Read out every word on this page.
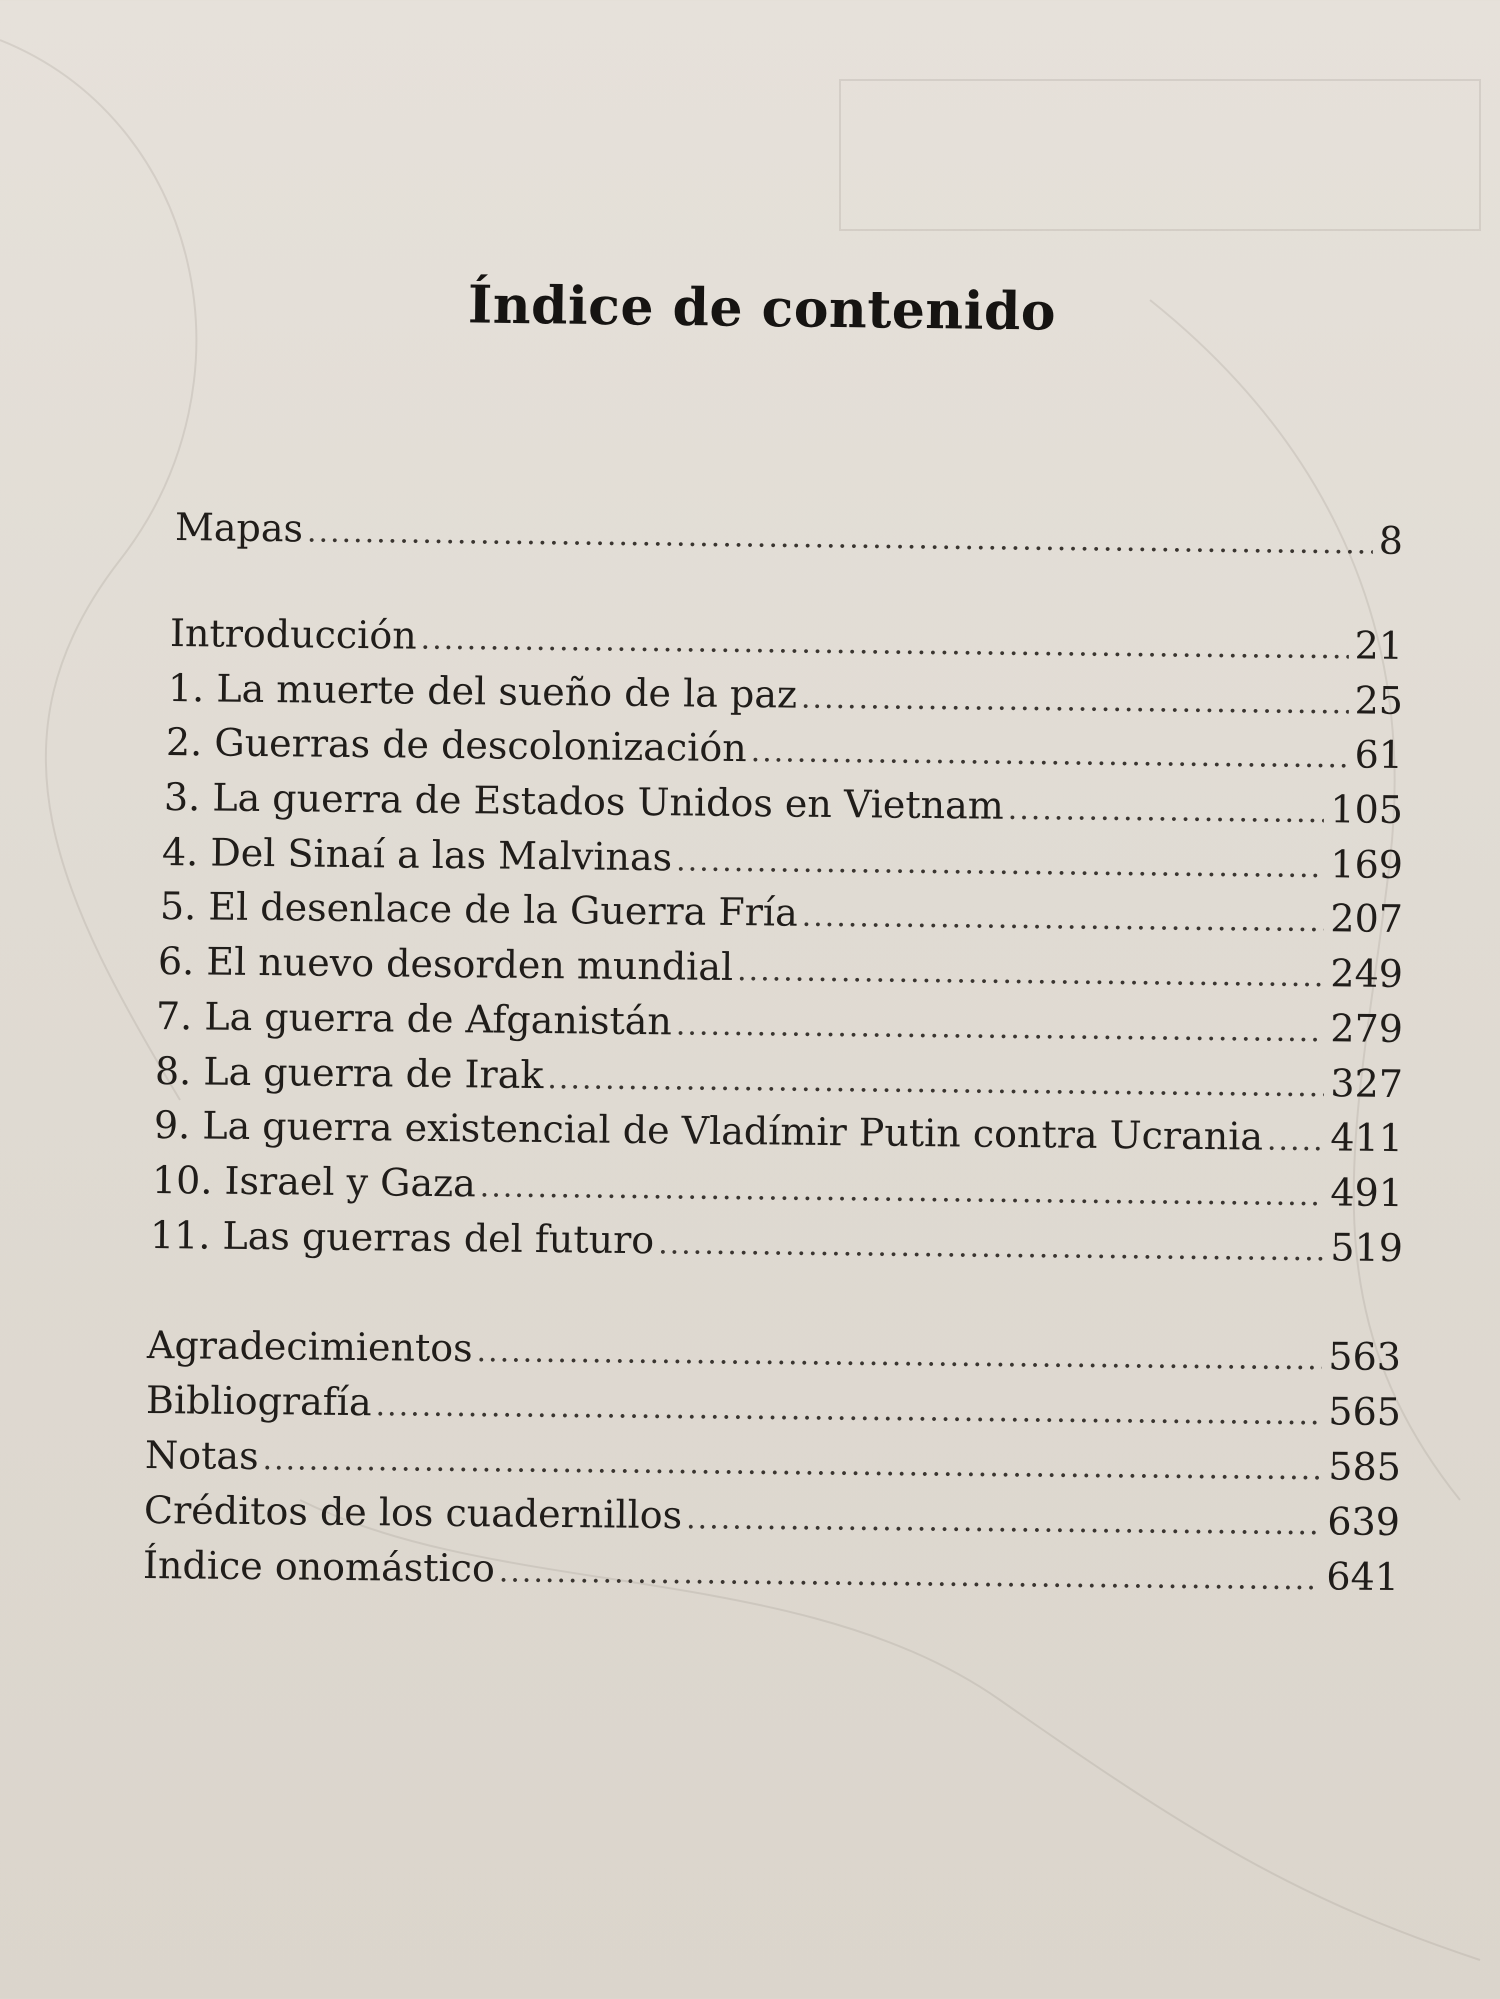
Índice de contenido
Mapas .....	8
Introducción .....	21
1. La muerte del sueño de la paz .....	25
2. Guerras de descolonización .....	61
3. La guerra de Estados Unidos en Vietnam .....	105
4. Del Sinaí a las Malvinas .....	169
5. El desenlace de la Guerra Fría .....	207
6. El nuevo desorden mundial .....	249
7. La guerra de Afganistán .....	279
8. La guerra de Irak .....	327
9. La guerra existencial de Vladímir Putin contra Ucrania ..... 411
10. Israel y Gaza .....	491
11. Las guerras del futuro .....	519
Agradecimientos .....	563
Bibliografía .....	565
Notas .....	585
Créditos de los cuadernillos .....	639
Índice onomástico .....	641
